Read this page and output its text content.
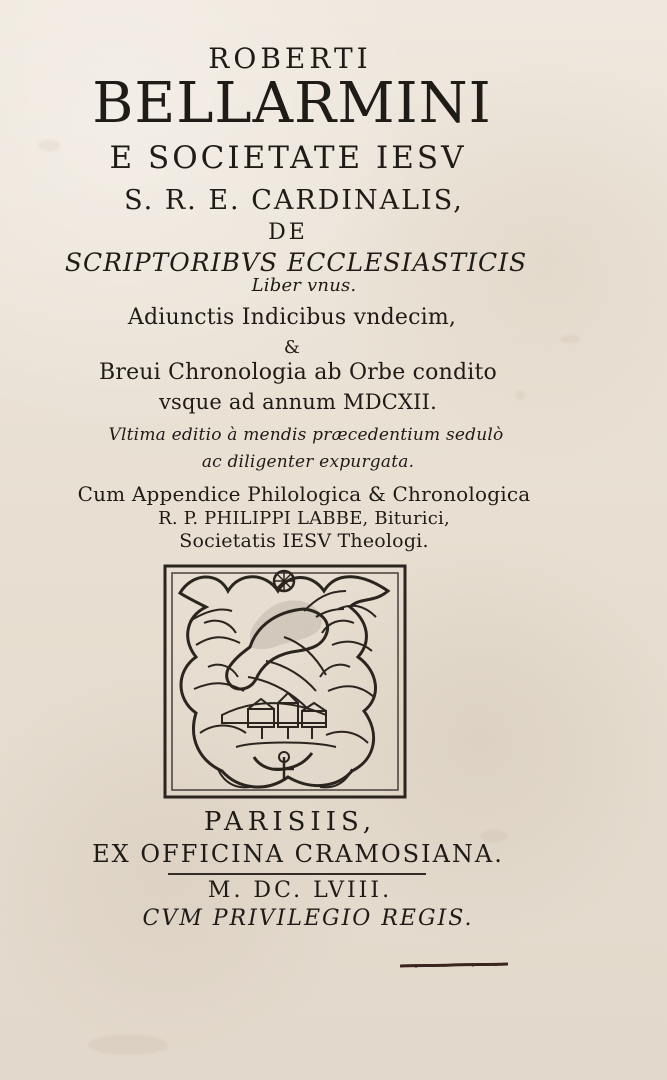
ROBERTI
BELLARMINI
E SOCIETATE IESV
S. R. E. CARDINALIS,
DE
SCRIPTORIBVS ECCLESIASTICIS
Liber vnus.
Adiunctis Indicibus vndecim,
&
Breui Chronologia ab Orbe condito
vsque ad annum MDCXII.
Vltima editio à mendis præcedentium sedulò
ac diligenter expurgata.
Cum Appendice Philologica & Chronologica
R. P. PHILIPPI LABBE, Biturici,
Societatis IESV Theologi.
PARISIIS,
EX OFFICINA CRAMOSIANA.
M. DC. LVIII.
CVM PRIVILEGIO REGIS.
